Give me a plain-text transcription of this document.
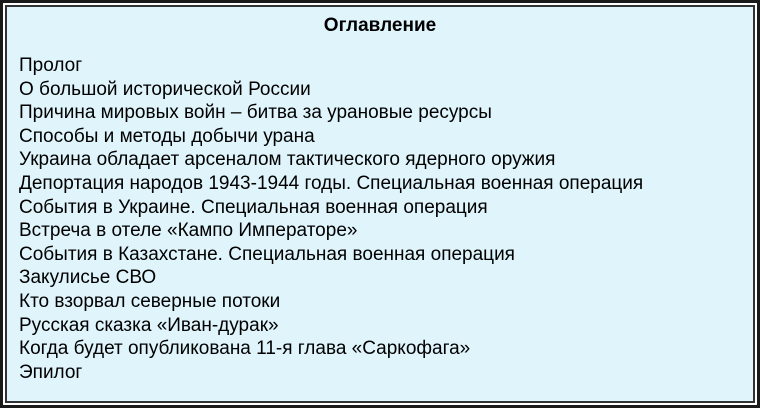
Оглавление
Пролог
О большой исторической России
Причина мировых войн – битва за урановые ресурсы
Способы и методы добычи урана
Украина обладает арсеналом тактического ядерного оружия
Депортация народов 1943-1944 годы. Специальная военная операция
События в Украине. Специальная военная операция
Встреча в отеле «Кампо Императоре»
События в Казахстане. Специальная военная операция
Закулисье СВО
Кто взорвал северные потоки
Русская сказка «Иван-дурак»
Когда будет опубликована 11-я глава «Саркофага»
Эпилог
